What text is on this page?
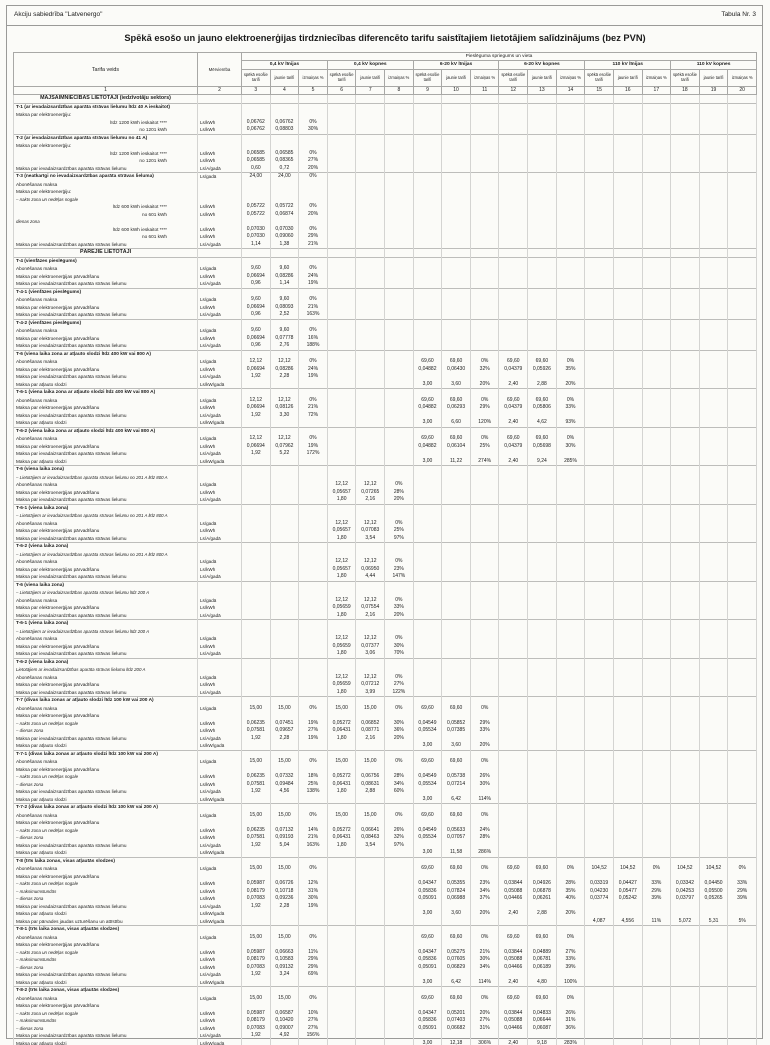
Akciju sabiedrība "Latvenergo"	Tabula Nr. 3
Spēkā esošo un jauno elektroenerģijas tirdzniecības diferencēto tarifu saistītajiem lietotājiem salīdzinājums (bez PVN)
Tarifa veids	Mērvienība	Pieslēguma spriegums un vieta																	
		0,4 kV līnijas			0,4 kV kopnes			6-20 kV līnijas			6-20 kV kopnes			110 kV līnijas			110 kV kopnes		
		spēkā esošie tarifi	jaunie tarifi	izmaiņas %	spēkā esošie tarifi	jaunie tarifi	izmaiņas %	spēkā esošie tarifi	jaunie tarifi	izmaiņas %	spēkā esošie tarifi	jaunie tarifi	izmaiņas %	spēkā esošie tarifi	jaunie tarifi	izmaiņas %	spēkā esošie tarifi	jaunie tarifi	izmaiņas %
1	2	3	4	5	6	7	8	9	10	11	12	13	14	15	16	17	18	19	20
MĀJSAIMNIECĪBAS LIETOTĀJI (iedzīvotāju sektors)																			
T-1 (ar ievadaizsardzības aparāta strāvas lielumu līdz 40 A ieskaitot)																			
Maksa par elektroenerģiju:																			
līdz 1200 kWh ieskaitot ****	Ls/kWh	0,06762	0,06762	0%															
no 1201 kWh	Ls/kWh	0,06762	0,08803	30%															
T-2 (ar ievadaizsardzības aparāta strāvas lielumu no 41 A)																			
Maksa par elektroenerģiju:																			
līdz 1200 kWh ieskaitot ****	Ls/kWh	0,06585	0,06585	0%															
no 1201 kWh	Ls/kWh	0,06585	0,08365	27%															
Maksa par ievadaizsardzības aparāta strāvas lielumu	Ls/A/gadā	0,60	0,72	20%															
T-3 (neatkarīgi no ievadaizsardzības aparāta strāvas lieluma)	Ls/gadā	24,00	24,00	0%															
Abonēšanas maksa																			
Maksa par elektroenerģiju:																			
– nakts zona un nedēļas nogale																			
līdz 600 kWh ieskaitot ****	Ls/kWh	0,05722	0,05722	0%															
no 601 kWh	Ls/kWh	0,05722	0,06874	20%															
dienas zona																			
līdz 600 kWh ieskaitot ****	Ls/kWh	0,07030	0,07030	0%															
no 601 kWh	Ls/kWh	0,07030	0,09060	29%															
Maksa par ievadaizsardzības aparāta strāvas lielumu	Ls/A/gadā	1,14	1,38	21%															
PĀRĒJIE LIETOTĀJI																			
T-4 (vienfāzes pieslēgums)																			
Abonēšanas maksa	Ls/gadā	9,60	9,60	0%															
Maksa par elektroenerģijas pārvadīšanu	Ls/kWh	0,06694	0,08286	24%															
Maksa par ievadaizsardzības aparāta strāvas lielumu	Ls/A/gadā	0,96	1,14	19%															
T-4-1 (vienfāzes pieslēgums)																			
Abonēšanas maksa	Ls/gadā	9,60	9,60	0%															
Maksa par elektroenerģijas pārvadīšanu	Ls/kWh	0,06694	0,08093	21%															
Maksa par ievadaizsardzības aparāta strāvas lielumu	Ls/A/gadā	0,96	2,52	163%															
T-4-2 (vienfāzes pieslēgums)																			
Abonēšanas maksa	Ls/gadā	9,60	9,60	0%															
Maksa par elektroenerģijas pārvadīšanu	Ls/kWh	0,06694	0,07778	16%															
Maksa par ievadaizsardzības aparāta strāvas lielumu	Ls/A/gadā	0,96	2,76	188%															
T-6 (viena laika zona ar atļauto slodzi līdz 400 kW vai 800 A)																			
Abonēšanas maksa	Ls/gadā	12,12	12,12	0%				69,60	69,60	0%	69,60	69,60	0%						
Maksa par elektroenerģijas pārvadīšanu	Ls/kWh	0,06694	0,08286	24%				0,04882	0,06430	32%	0,04379	0,05926	35%						
Maksa par ievadaizsardzības aparāta strāvas lielumu	Ls/A/gadā	1,92	2,28	19%															
Maksa par atļauto slodzi	Ls/kW/gadā							3,00	3,60	20%	2,40	2,88	20%						
T-6-1 (viena laika zona ar atļauto slodzi līdz 400 kW vai 800 A)																			
Abonēšanas maksa	Ls/gadā	12,12	12,12	0%				69,60	69,60	0%	69,60	69,60	0%						
Maksa par elektroenerģijas pārvadīšanu	Ls/kWh	0,06694	0,08126	21%				0,04882	0,06293	29%	0,04379	0,05806	33%						
Maksa par ievadaizsardzības aparāta strāvas lielumu	Ls/A/gadā	1,92	3,30	72%															
Maksa par atļauto slodzi	Ls/kW/gadā							3,00	6,60	120%	2,40	4,62	93%						
T-6-2 (viena laika zona ar atļauto slodzi līdz 400 kW vai 800 A)																			
Abonēšanas maksa	Ls/gadā	12,12	12,12	0%				69,60	69,60	0%	69,60	69,60	0%						
Maksa par elektroenerģijas pārvadīšanu	Ls/kWh	0,06694	0,07962	19%				0,04882	0,06104	25%	0,04379	0,05698	30%						
Maksa par ievadaizsardzības aparāta strāvas lielumu	Ls/A/gadā	1,92	5,22	172%															
Maksa par atļauto slodzi	Ls/kW/gadā							3,00	11,22	274%	2,40	9,24	285%						
T-6 (viena laika zona)																			
– Lietotājiem ar ievadaizsardzības aparāta strāvas lielumu no 201 A līdz 800 A																			
Abonēšanas maksa	Ls/gadā				12,12	12,12	0%												
Maksa par elektroenerģijas pārvadīšanu	Ls/kWh				0,05657	0,07265	28%												
Maksa par ievadaizsardzības aparāta strāvas lielumu	Ls/A/gadā				1,80	2,16	20%												
T-6-1 (viena laika zona)																			
– Lietotājiem ar ievadaizsardzības aparāta strāvas lielumu no 201 A līdz 800 A																			
Abonēšanas maksa	Ls/gadā				12,12	12,12	0%												
Maksa par elektroenerģijas pārvadīšanu	Ls/kWh				0,05657	0,07083	25%												
Maksa par ievadaizsardzības aparāta strāvas lielumu	Ls/A/gadā				1,80	3,54	97%												
T-6-2 (viena laika zona)																			
– Lietotājiem ar ievadaizsardzības aparāta strāvas lielumu no 201 A līdz 800 A																			
Abonēšanas maksa	Ls/gadā				12,12	12,12	0%												
Maksa par elektroenerģijas pārvadīšanu	Ls/kWh				0,05657	0,06950	23%												
Maksa par ievadaizsardzības aparāta strāvas lielumu	Ls/A/gadā				1,80	4,44	147%												
T-6 (viena laika zona)																			
– Lietotājiem ar ievadaizsardzības aparāta strāvas lielumu līdz 200 A																			
Abonēšanas maksa	Ls/gadā				12,12	12,12	0%												
Maksa par elektroenerģijas pārvadīšanu	Ls/kWh				0,05659	0,07554	33%												
Maksa par ievadaizsardzības aparāta strāvas lielumu	Ls/A/gadā				1,80	2,16	20%												
T-6-1 (viena laika zona)																			
– Lietotājiem ar ievadaizsardzības aparāta strāvas lielumu līdz 200 A																			
Abonēšanas maksa	Ls/gadā				12,12	12,12	0%												
Maksa par elektroenerģijas pārvadīšanu	Ls/kWh				0,05659	0,07377	30%												
Maksa par ievadaizsardzības aparāta strāvas lielumu	Ls/A/gadā				1,80	3,06	70%												
T-6-2 (viena laika zona)																			
Lietotājiem ar ievadaizsardzības aparāta strāvas lielumu līdz 200 A																			
Abonēšanas maksa	Ls/gadā				12,12	12,12	0%												
Maksa par elektroenerģijas pārvadīšanu	Ls/kWh				0,05659	0,07212	27%												
Maksa par ievadaizsardzības aparāta strāvas lielumu	Ls/A/gadā				1,80	3,99	122%												
T-7 (divas laika zonas ar atļauto slodzi līdz 100 kW vai 200 A)																			
Abonēšanas maksa	Ls/gadā	15,00	15,00	0%	15,00	15,00	0%	69,60	69,60	0%									
Maksa par elektroenerģijas pārvadīšanu																			
– nakts zona un nedēļas nogale	Ls/kWh	0,06235	0,07451	19%	0,05272	0,06852	30%	0,04549	0,05852	29%									
– dienas zona	Ls/kWh	0,07581	0,09657	27%	0,06431	0,08771	36%	0,05534	0,07385	33%									
Maksa par ievadaizsardzības aparāta strāvas lielumu	Ls/A/gadā	1,92	2,28	19%	1,80	2,16	20%												
Maksa par atļauto slodzi	Ls/kW/gadā							3,00	3,60	20%									
T-7-1 (divas laika zonas ar atļauto slodzi līdz 100 kW vai 200 A)																			
Abonēšanas maksa	Ls/gadā	15,00	15,00	0%	15,00	15,00	0%	69,60	69,60	0%									
Maksa par elektroenerģijas pārvadīšanu																			
– nakts zona un nedēļas nogale	Ls/kWh	0,06235	0,07332	18%	0,05272	0,06756	28%	0,04549	0,05738	26%									
– dienas zona	Ls/kWh	0,07581	0,09484	25%	0,06431	0,08631	34%	0,05534	0,07214	30%									
Maksa par ievadaizsardzības aparāta strāvas lielumu	Ls/A/gadā	1,92	4,56	138%	1,80	2,88	60%												
Maksa par atļauto slodzi	Ls/kW/gadā							3,00	6,42	114%									
T-7-2 (divas laika zonas ar atļauto slodzi līdz 100 kW vai 200 A)																			
Abonēšanas maksa	Ls/gadā	15,00	15,00	0%	15,00	15,00	0%	69,60	69,60	0%									
Maksa par elektroenerģijas pārvadīšanu																			
– nakts zona un nedēļas nogale	Ls/kWh	0,06235	0,07132	14%	0,05272	0,06641	26%	0,04549	0,05633	24%									
– dienas zona	Ls/kWh	0,07581	0,09193	21%	0,06431	0,08463	32%	0,05534	0,07057	28%									
Maksa par ievadaizsardzības aparāta strāvas lielumu	Ls/A/gadā	1,92	5,04	163%	1,80	3,54	97%												
Maksa par atļauto slodzi	Ls/kW/gadā							3,00	11,58	286%									
T-8 (trīs laika zonas, visas atļautās slodzes)																			
Abonēšanas maksa	Ls/gadā	15,00	15,00	0%				69,60	69,60	0%	69,60	69,60	0%	104,52	104,52	0%	104,52	104,52	0%
Maksa par elektroenerģijas pārvadīšanu																			
– nakts zona un nedēļas nogale	Ls/kWh	0,05987	0,06726	12%				0,04347	0,05355	23%	0,03844	0,04926	28%	0,03319	0,04427	33%	0,03342	0,04450	33%
– maksimumstundās	Ls/kWh	0,08179	0,10718	31%				0,05836	0,07824	34%	0,05088	0,06878	35%	0,04230	0,05477	29%	0,04253	0,05500	29%
– dienas zona	Ls/kWh	0,07083	0,09236	30%				0,05091	0,06988	37%	0,04466	0,06261	40%	0,03774	0,05242	39%	0,03797	0,05265	39%
Maksa par ievadaizsardzības aparāta strāvas lielumu	Ls/A/gadā	1,92	2,28	19%															
Maksa par atļauto slodzi	Ls/kW/gadā							3,00	3,60	20%	2,40	2,88	20%						
Maksa par pārvades jaudas uzturēšanu un attīstību	Ls/kW/gadā													4,087	4,556	11%	5,072	5,31	5%
T-8-1 (trīs laika zonas, visas atļautās slodzes)																			
Abonēšanas maksa	Ls/gadā	15,00	15,00	0%				69,60	69,60	0%	69,60	69,60	0%						
Maksa par elektroenerģijas pārvadīšanu																			
– nakts zona un nedēļas nogale	Ls/kWh	0,05987	0,06663	11%				0,04347	0,05275	21%	0,03844	0,04889	27%						
– maksimumstundās	Ls/kWh	0,08179	0,10583	29%				0,05836	0,07605	30%	0,05088	0,06781	33%						
– dienas zona	Ls/kWh	0,07083	0,09132	29%				0,05091	0,06829	34%	0,04466	0,06189	39%						
Maksa par ievadaizsardzības aparāta strāvas lielumu	Ls/A/gadā	1,92	3,24	69%															
Maksa par atļauto slodzi	Ls/kW/gadā							3,00	6,42	114%	2,40	4,80	100%						
T-8-2 (trīs laika zonas, visas atļautās slodzes)																			
Abonēšanas maksa	Ls/gadā	15,00	15,00	0%				69,60	69,60	0%	69,60	69,60	0%						
Maksa par elektroenerģijas pārvadīšanu																			
– nakts zona un nedēļas nogale	Ls/kWh	0,05987	0,06587	10%				0,04347	0,05201	20%	0,03844	0,04833	26%						
– maksimumstundās	Ls/kWh	0,08179	0,10420	27%				0,05836	0,07403	27%	0,05088	0,06644	31%						
– dienas zona	Ls/kWh	0,07083	0,09007	27%				0,05091	0,06682	31%	0,04466	0,06087	36%						
Maksa par ievadaizsardzības aparāta strāvas lielumu	Ls/A/gadā	1,92	4,92	156%															
Maksa par atļauto slodzi	Ls/kW/gadā							3,00	12,18	306%	2,40	9,18	283%						
